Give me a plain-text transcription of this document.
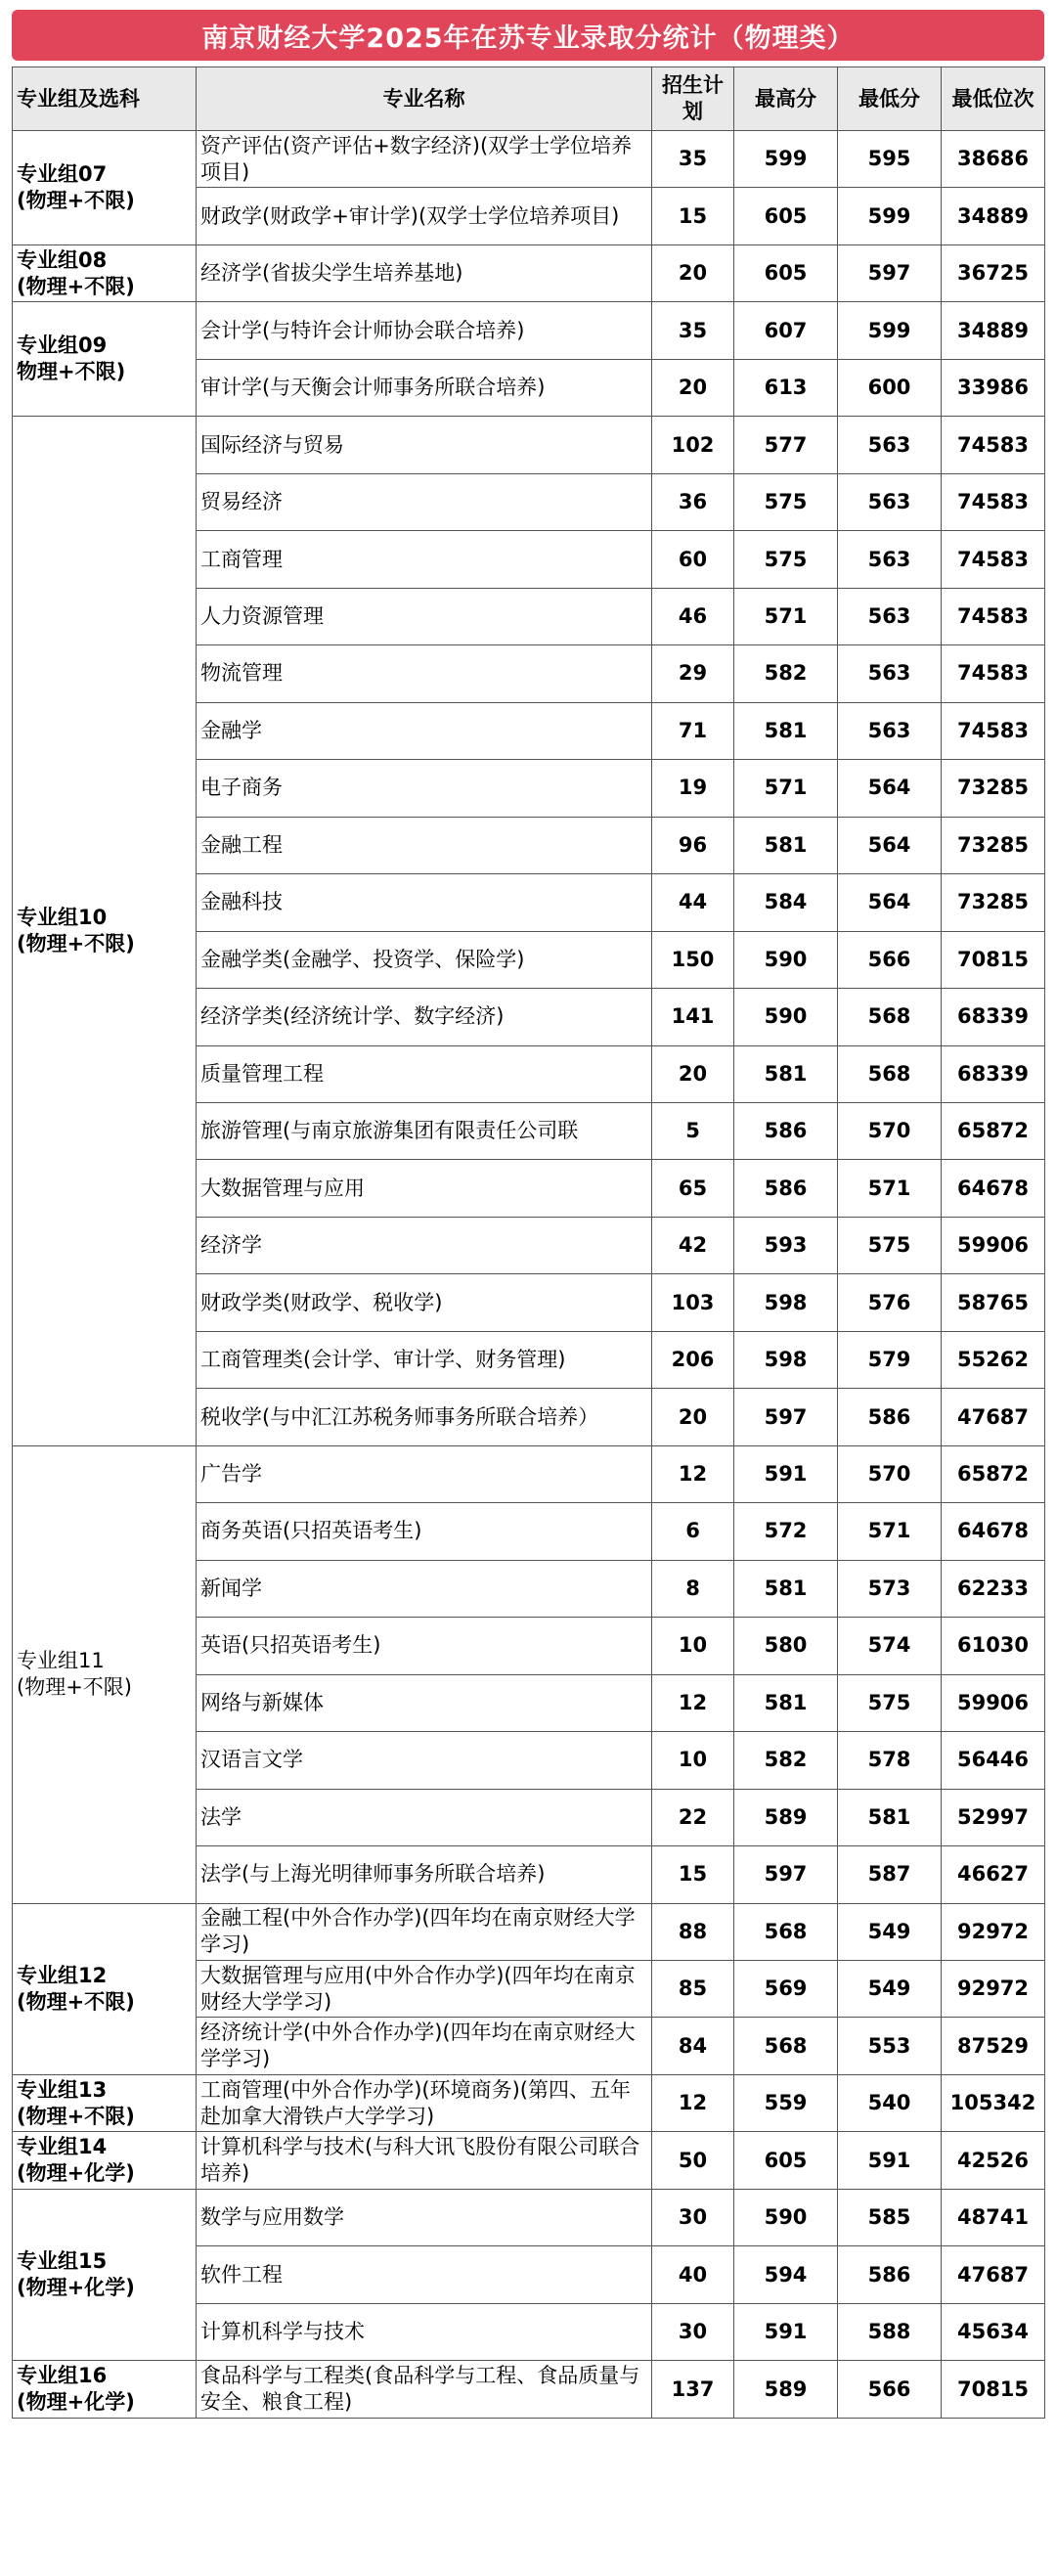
南京财经大学2025年在苏专业录取分统计（物理类）
专业组及选科	专业名称	招生计划	最高分	最低分	最低位次

专业组07
(物理+不限)	资产评估(资产评估+数字经济)(双学士学位培养项目)	35	599	595	38686
	财政学(财政学+审计学)(双学士学位培养项目)	15	605	599	34889

专业组08
(物理+不限)	经济学(省拔尖学生培养基地)	20	605	597	36725

专业组09
物理+不限)	会计学(与特许会计师协会联合培养)	35	607	599	34889
	审计学(与天衡会计师事务所联合培养)	20	613	600	33986

专业组10
(物理+不限)	国际经济与贸易	102	577	563	74583
	贸易经济	36	575	563	74583
	工商管理	60	575	563	74583
	人力资源管理	46	571	563	74583
	物流管理	29	582	563	74583
	金融学	71	581	563	74583
	电子商务	19	571	564	73285
	金融工程	96	581	564	73285
	金融科技	44	584	564	73285
	金融学类(金融学、投资学、保险学)	150	590	566	70815
	经济学类(经济统计学、数字经济)	141	590	568	68339
	质量管理工程	20	581	568	68339
	旅游管理(与南京旅游集团有限责任公司联	5	586	570	65872
	大数据管理与应用	65	586	571	64678
	经济学	42	593	575	59906
	财政学类(财政学、税收学)	103	598	576	58765
	工商管理类(会计学、审计学、财务管理)	206	598	579	55262
	税收学(与中汇江苏税务师事务所联合培养）	20	597	586	47687

专业组11
(物理+不限)	广告学	12	591	570	65872
	商务英语(只招英语考生)	6	572	571	64678
	新闻学	8	581	573	62233
	英语(只招英语考生)	10	580	574	61030
	网络与新媒体	12	581	575	59906
	汉语言文学	10	582	578	56446
	法学	22	589	581	52997
	法学(与上海光明律师事务所联合培养)	15	597	587	46627

专业组12
(物理+不限)	金融工程(中外合作办学)(四年均在南京财经大学学习)	88	568	549	92972
	大数据管理与应用(中外合作办学)(四年均在南京财经大学学习)	85	569	549	92972
	经济统计学(中外合作办学)(四年均在南京财经大学学习)	84	568	553	87529

专业组13
(物理+不限)	工商管理(中外合作办学)(环境商务)(第四、五年赴加拿大滑铁卢大学学习)	12	559	540	105342

专业组14
(物理+化学)	计算机科学与技术(与科大讯飞股份有限公司联合培养)	50	605	591	42526

专业组15
(物理+化学)	数学与应用数学	30	590	585	48741
	软件工程	40	594	586	47687
	计算机科学与技术	30	591	588	45634

专业组16
(物理+化学)	食品科学与工程类(食品科学与工程、食品质量与安全、粮食工程)	137	589	566	70815
